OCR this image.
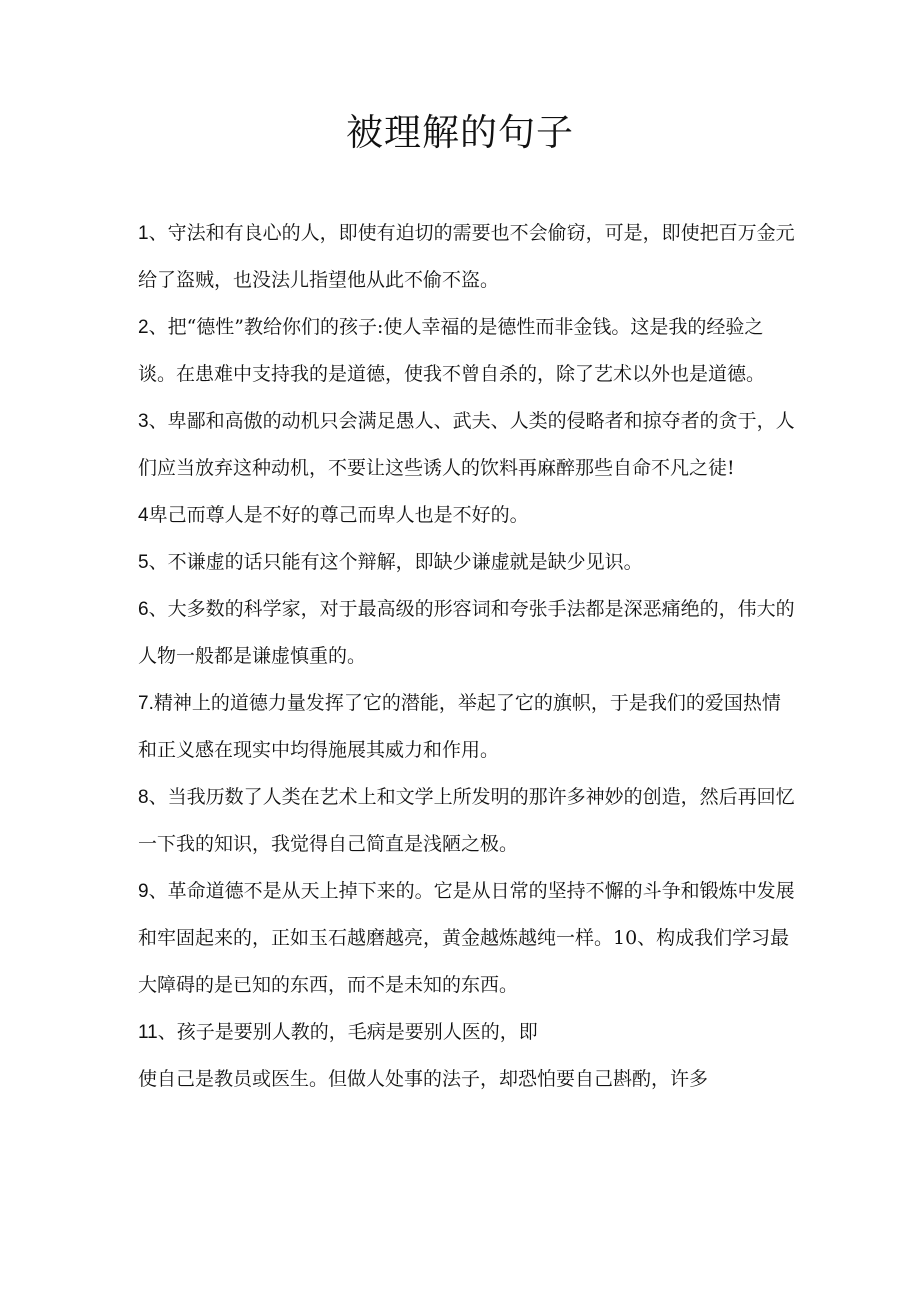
被理解的句子

1、守法和有良心的人，即使有迫切的需要也不会偷窃，可是，即使把百万金元给了盗贼，也没法儿指望他从此不偷不盗。

2、把“德性”教给你们的孩子:使人幸福的是德性而非金钱。这是我的经验之谈。在患难中支持我的是道德，使我不曾自杀的，除了艺术以外也是道德。

3、卑鄙和高傲的动机只会满足愚人、武夫、人类的侵略者和掠夺者的贪于，人们应当放弃这种动机，不要让这些诱人的饮料再麻醉那些自命不凡之徒!

4卑己而尊人是不好的尊己而卑人也是不好的。

5、不谦虚的话只能有这个辩解，即缺少谦虚就是缺少见识。

6、大多数的科学家，对于最高级的形容词和夸张手法都是深恶痛绝的，伟大的人物一般都是谦虚慎重的。

7.精神上的道德力量发挥了它的潜能，举起了它的旗帜，于是我们的爱国热情和正义感在现实中均得施展其威力和作用。

8、当我历数了人类在艺术上和文学上所发明的那许多神妙的创造，然后再回忆一下我的知识，我觉得自己简直是浅陋之极。

9、革命道德不是从天上掉下来的。它是从日常的坚持不懈的斗争和锻炼中发展和牢固起来的，正如玉石越磨越亮，黄金越炼越纯一样。10、构成我们学习最大障碍的是已知的东西，而不是未知的东西。

11、孩子是要别人教的，毛病是要别人医的，即

使自己是教员或医生。但做人处事的法子，却恐怕要自己斟酌，许多
